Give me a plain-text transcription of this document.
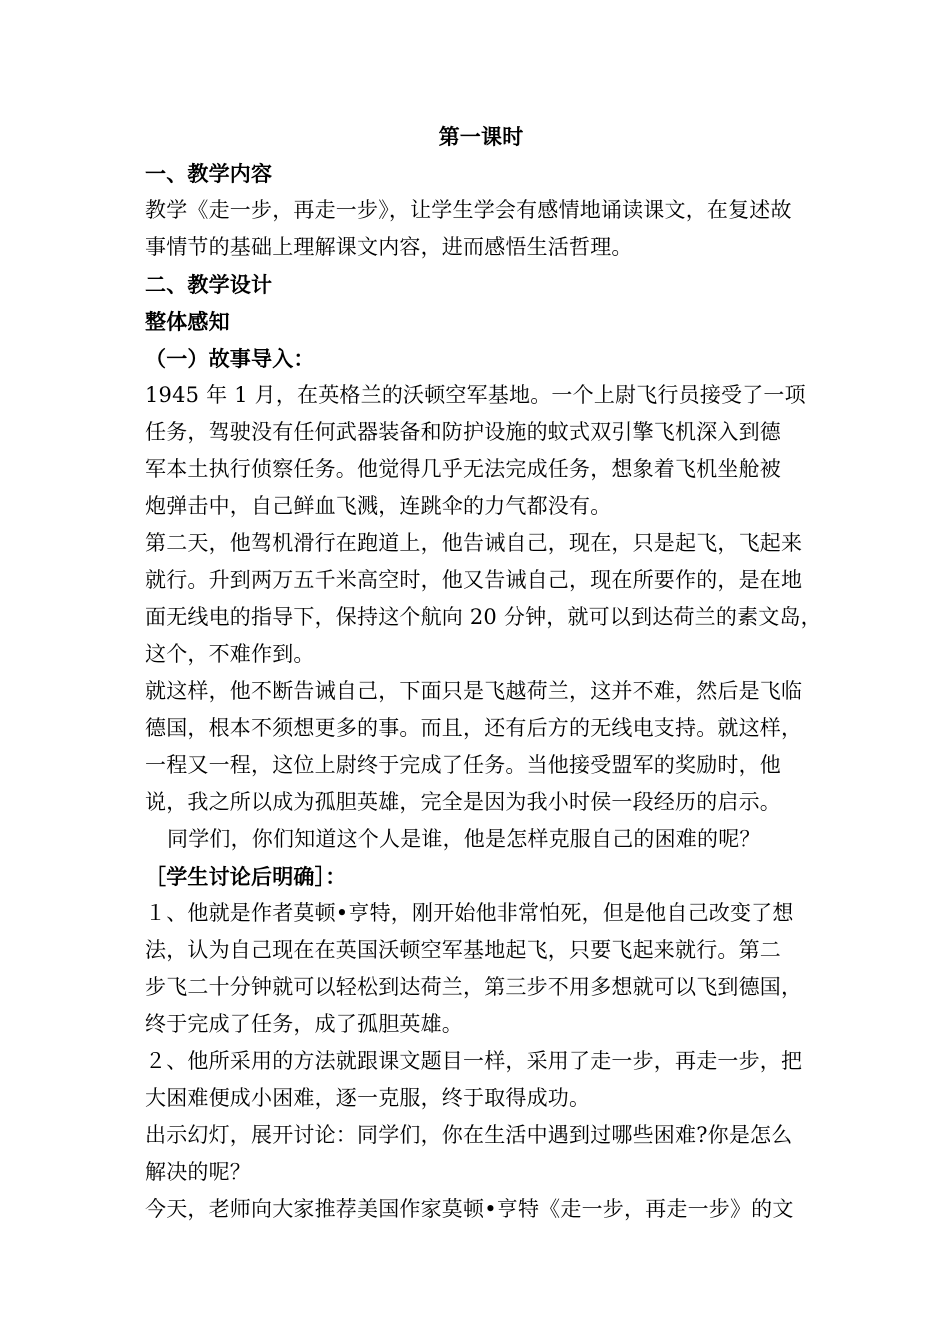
第一课时
一、教学内容
教学《走一步，再走一步》，让学生学会有感情地诵读课文，在复述故
事情节的基础上理解课文内容，进而感悟生活哲理。
二、教学设计
整体感知
（一）故事导入：
1945 年 1 月，在英格兰的沃顿空军基地。一个上尉飞行员接受了一项
任务，驾驶没有任何武器装备和防护设施的蚊式双引擎飞机深入到德
军本土执行侦察任务。他觉得几乎无法完成任务，想象着飞机坐舱被
炮弹击中，自己鲜血飞溅，连跳伞的力气都没有。
第二天，他驾机滑行在跑道上，他告诫自己，现在，只是起飞，飞起来
就行。升到两万五千米高空时，他又告诫自己，现在所要作的，是在地
面无线电的指导下，保持这个航向 20 分钟，就可以到达荷兰的素文岛，
这个，不难作到。
就这样，他不断告诫自己，下面只是飞越荷兰，这并不难，然后是飞临
德国，根本不须想更多的事。而且，还有后方的无线电支持。就这样，
一程又一程，这位上尉终于完成了任务。当他接受盟军的奖励时，他
说，我之所以成为孤胆英雄，完全是因为我小时侯一段经历的启示。
同学们，你们知道这个人是谁，他是怎样克服自己的困难的呢？
［学生讨论后明确］：
１、他就是作者莫顿•亨特，刚开始他非常怕死，但是他自己改变了想
法，认为自己现在在英国沃顿空军基地起飞，只要飞起来就行。第二
步飞二十分钟就可以轻松到达荷兰，第三步不用多想就可以飞到德国，
终于完成了任务，成了孤胆英雄。
２、他所采用的方法就跟课文题目一样，采用了走一步，再走一步，把
大困难便成小困难，逐一克服，终于取得成功。
出示幻灯，展开讨论：同学们，你在生活中遇到过哪些困难?你是怎么
解决的呢？
今天，老师向大家推荐美国作家莫顿•亨特《走一步，再走一步》的文
